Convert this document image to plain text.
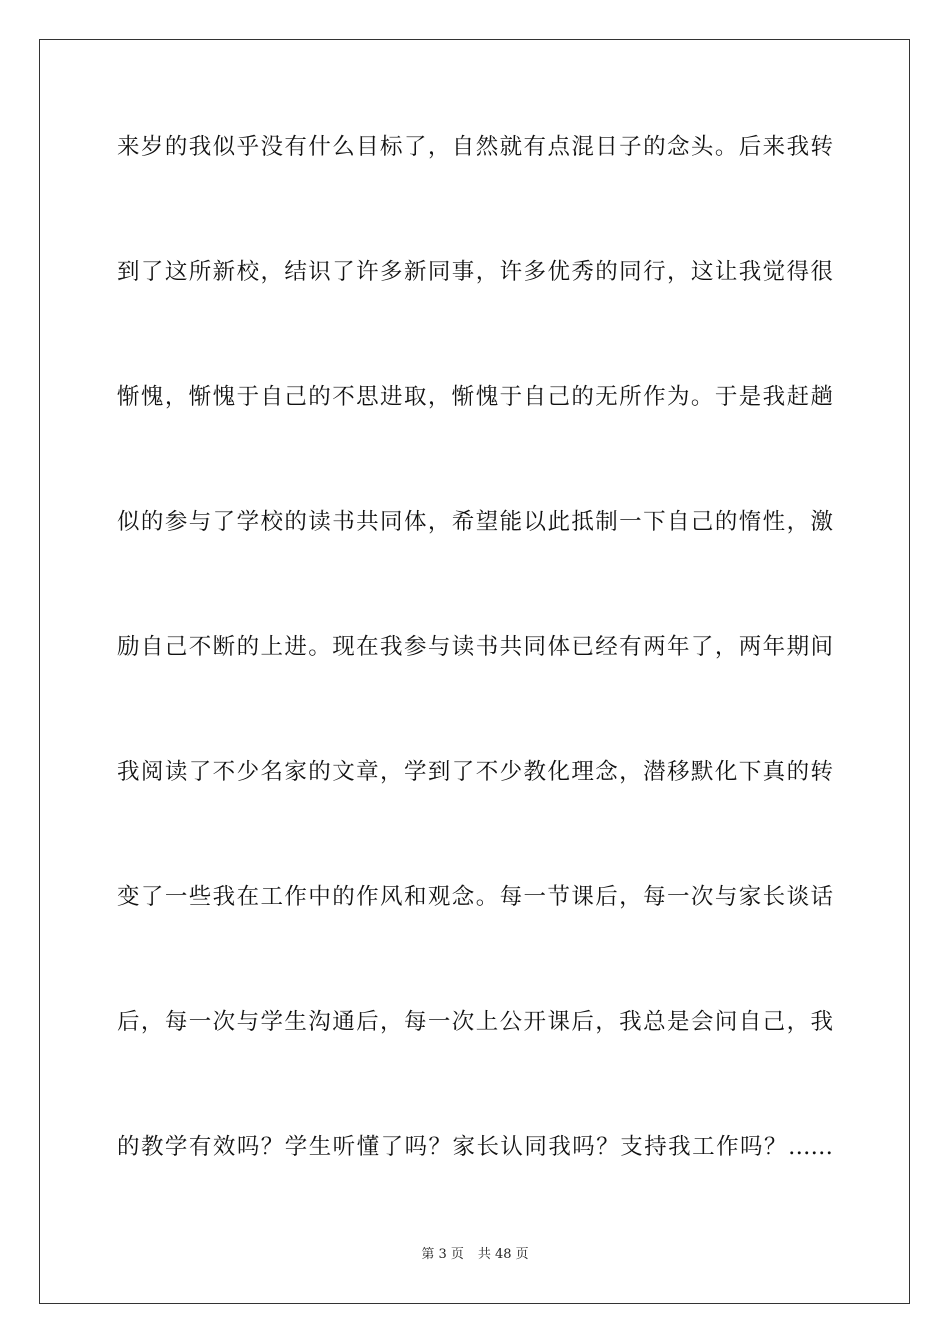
来岁的我似乎没有什么目标了，自然就有点混日子的念头。后来我转
到了这所新校，结识了许多新同事，许多优秀的同行，这让我觉得很
惭愧，惭愧于自己的不思进取，惭愧于自己的无所作为。于是我赶趟
似的参与了学校的读书共同体，希望能以此抵制一下自己的惰性，激
励自己不断的上进。现在我参与读书共同体已经有两年了，两年期间
我阅读了不少名家的文章，学到了不少教化理念，潜移默化下真的转
变了一些我在工作中的作风和观念。每一节课后，每一次与家长谈话
后，每一次与学生沟通后，每一次上公开课后，我总是会问自己，我
的教学有效吗？学生听懂了吗？家长认同我吗？支持我工作吗？……
第 3 页 共 48 页
